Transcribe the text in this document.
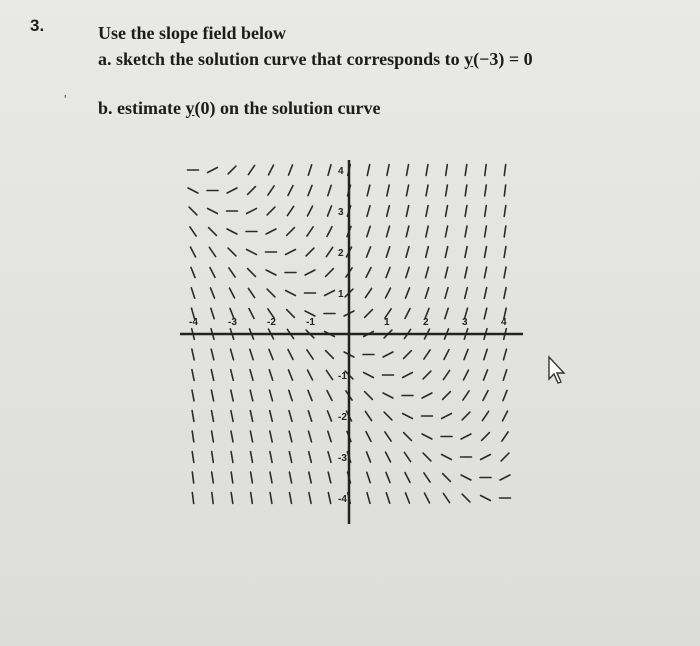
3.	Use the slope field below
a. sketch the solution curve that corresponds to y(−3) = 0
' b. estimate y(0) on the solution curve
-4	-3	-2	-1	1	2	3	4
4
3
2
1
-1
-2
-3
-4
